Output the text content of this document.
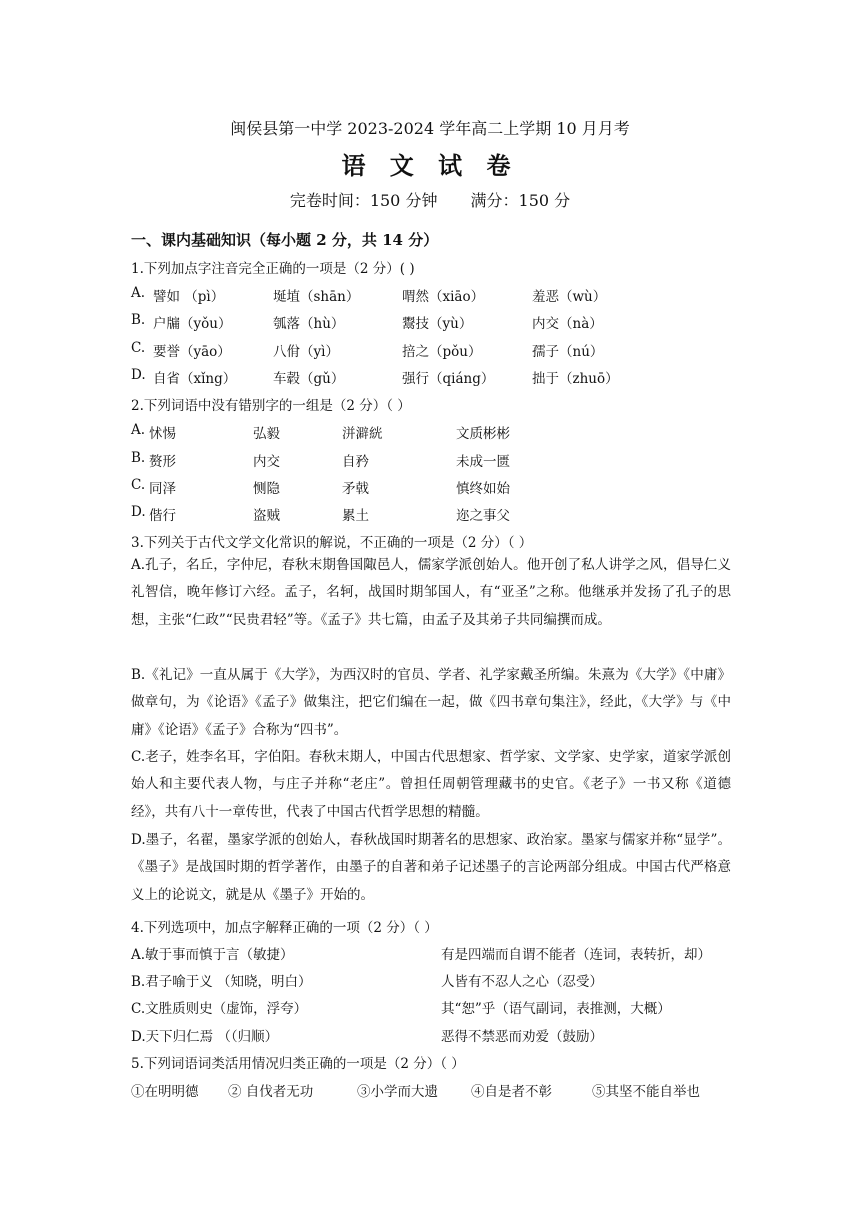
闽侯县第一中学 2023-2024 学年高二上学期 10 月月考
语 文 试 卷
完卷时间：150 分钟 满分：150 分
一、课内基础知识（每小题 2 分，共 14 分）
1.下列加点字注音完全正确的一项是（2 分）( )
A. 譬如 （pì）	埏埴（shān）	喟然（xiāo）	羞恶（wù）
B. 户牖（yǒu）	瓠落（hù）	鬻技（yù）	内交（nà）
C. 要誉（yāo）	八佾（yì）	掊之（pǒu）	孺子（nú）
D. 自省（xǐng）	车毂（gǔ）	强行（qiáng）	拙于（zhuō）
2.下列词语中没有错别字的一组是（2 分）（ ）
A. 怵惕	弘毅	洴澼絖	文质彬彬
B. 赘形	内交	自矜	未成一匮
C. 同泽	恻隐	矛戟	慎终如始
D. 偕行	盗贼	累土	迩之事父
3.下列关于古代文学文化常识的解说，不正确的一项是（2 分）（ ）
A.孔子，名丘，字仲尼，春秋末期鲁国陬邑人，儒家学派创始人。他开创了私人讲学之风，倡导仁义礼智信，晚年修订六经。孟子，名轲，战国时期邹国人，有“亚圣”之称。他继承并发扬了孔子的思想，主张“仁政”“民贵君轻”等。《孟子》共七篇，由孟子及其弟子共同编撰而成。
B.《礼记》一直从属于《大学》，为西汉时的官员、学者、礼学家戴圣所编。朱熹为《大学》《中庸》做章句，为《论语》《孟子》做集注，把它们编在一起，做《四书章句集注》，经此，《大学》与《中庸》《论语》《孟子》合称为“四书”。
C.老子，姓李名耳，字伯阳。春秋末期人，中国古代思想家、哲学家、文学家、史学家，道家学派创始人和主要代表人物，与庄子并称“老庄”。曾担任周朝管理藏书的史官。《老子》一书又称《道德经》，共有八十一章传世，代表了中国古代哲学思想的精髓。
D.墨子，名翟，墨家学派的创始人，春秋战国时期著名的思想家、政治家。墨家与儒家并称“显学”。《墨子》是战国时期的哲学著作，由墨子的自著和弟子记述墨子的言论两部分组成。中国古代严格意义上的论说文，就是从《墨子》开始的。
4.下列选项中，加点字解释正确的一项（2 分）（ ）
A.敏于事而慎于言（敏捷）	有是四端而自谓不能者（连词，表转折，却）
B.君子喻于义 （知晓，明白）	人皆有不忍人之心（忍受）
C.文胜质则史（虚饰，浮夸）	其“恕”乎（语气副词，表推测，大概）
D.天下归仁焉 （（归顺）	恶得不禁恶而劝爱（鼓励）
5.下列词语词类活用情况归类正确的一项是（2 分）（ ）
①在明明德 ② 自伐者无功	③小学而大遗 ④自是者不彰	⑤其坚不能自举也
